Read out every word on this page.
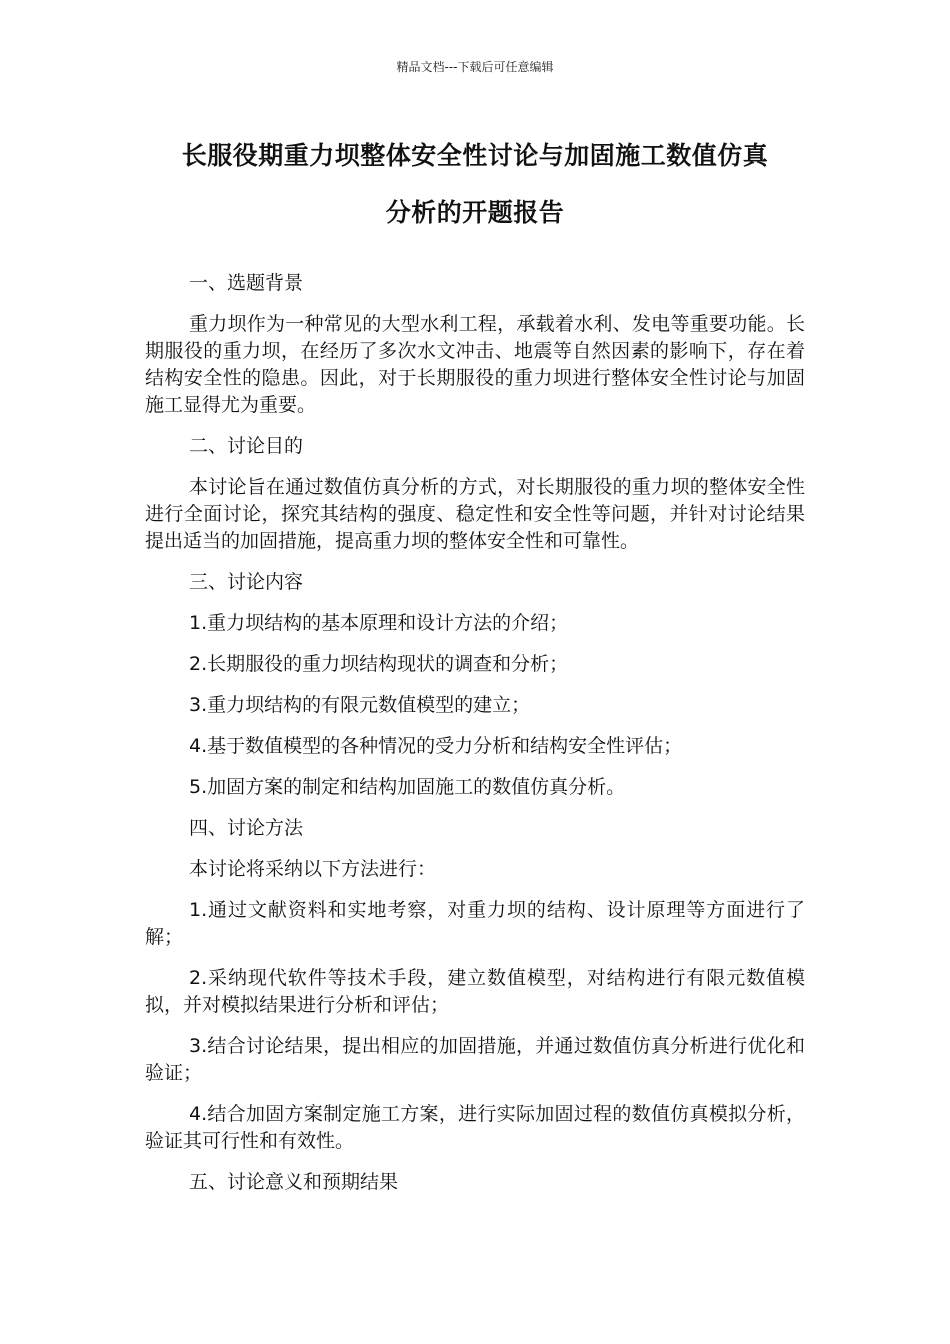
精品文档---下载后可任意编辑
长服役期重力坝整体安全性讨论与加固施工数值仿真
分析的开题报告

一、选题背景

重力坝作为一种常见的大型水利工程，承载着水利、发电等重要功能。长期服役的重力坝，在经历了多次水文冲击、地震等自然因素的影响下，存在着结构安全性的隐患。因此，对于长期服役的重力坝进行整体安全性讨论与加固施工显得尤为重要。

二、讨论目的

本讨论旨在通过数值仿真分析的方式，对长期服役的重力坝的整体安全性进行全面讨论，探究其结构的强度、稳定性和安全性等问题，并针对讨论结果提出适当的加固措施，提高重力坝的整体安全性和可靠性。

三、讨论内容

1.重力坝结构的基本原理和设计方法的介绍；

2.长期服役的重力坝结构现状的调查和分析；

3.重力坝结构的有限元数值模型的建立；

4.基于数值模型的各种情况的受力分析和结构安全性评估；

5.加固方案的制定和结构加固施工的数值仿真分析。

四、讨论方法

本讨论将采纳以下方法进行：

1.通过文献资料和实地考察，对重力坝的结构、设计原理等方面进行了解；

2.采纳现代软件等技术手段，建立数值模型，对结构进行有限元数值模拟，并对模拟结果进行分析和评估；

3.结合讨论结果，提出相应的加固措施，并通过数值仿真分析进行优化和验证；

4.结合加固方案制定施工方案，进行实际加固过程的数值仿真模拟分析，验证其可行性和有效性。

五、讨论意义和预期结果
